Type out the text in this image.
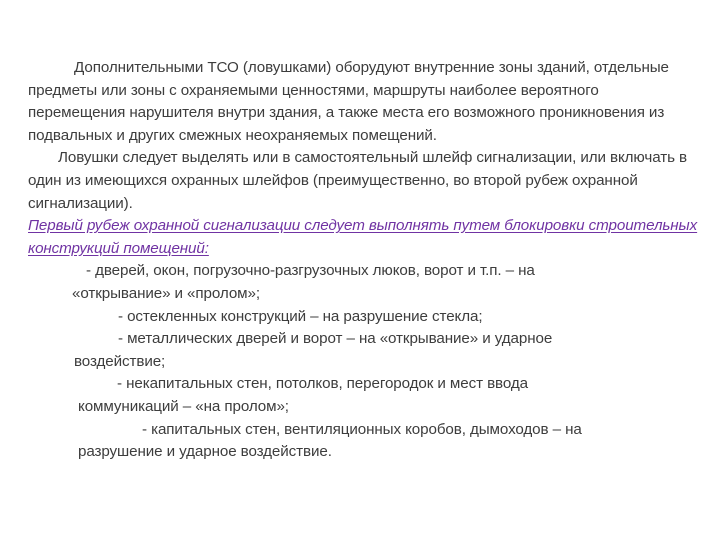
Дополнительными ТСО (ловушками) оборудуют внутренние зоны зданий, отдельные предметы или зоны с охраняемыми ценностями, маршруты наиболее вероятного перемещения нарушителя внутри здания, а также места его возможного проникновения из подвальных и других смежных неохраняемых помещений.

Ловушки следует выделять или в самостоятельный шлейф сигнализации, или включать в один из имеющихся охранных шлейфов (преимущественно, во второй рубеж охранной сигнализации).

Первый рубеж охранной сигнализации следует выполнять путем блокировки строительных конструкций помещений:

- дверей, окон, погрузочно-разгрузочных люков, ворот и т.п. – на
«открывание» и «пролом»;

- остекленных конструкций – на разрушение стекла;

- металлических дверей и ворот – на «открывание» и ударное
воздействие;

- некапитальных стен, потолков, перегородок и мест ввода
коммуникаций – «на пролом»;

- капитальных стен, вентиляционных коробов, дымоходов – на
разрушение и ударное воздействие.
